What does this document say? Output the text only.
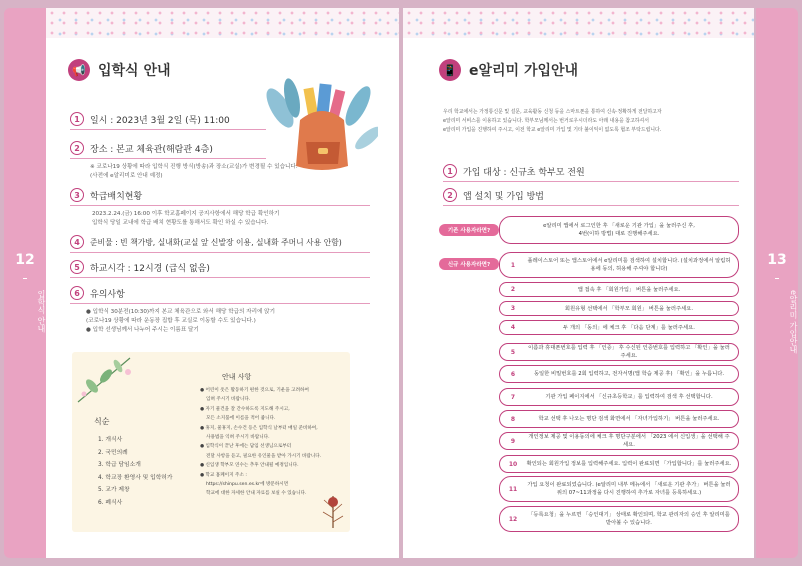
12
입학식 안내
13
e알리미 가입안내
📢 입학식 안내
1	일시 : 2023년 3월 2일 (목) 11:00
2	장소 : 본교 체육관(해람관 4층)
※ 코로나19 상황에 따라 입학식 진행 방식(방송)과 장소(교실)가 변경될 수 있습니다.
(사전에 e알리미로 안내 예정)
3	학급배치현황
2023.2.24.(금) 16:00 이후 학교홈페이지 공지사항에서 해당 학급 확인하기
입학식 당일 교내에 학급 배치 현황도를 통해서도 확인 하실 수 있습니다.
4	준비물 : 빈 책가방, 실내화(교실 앞 신발장 이용, 실내화 주머니 사용 안함)
5	하교시각 : 12시경 (급식 없음)
6	유의사항
● 입학식 30분전(10:30)까지 본교 체육관으로 와서 해당 학급의 자리에 앉기
(코로나19 상황에 따라 운동장 집합 후 교실로 이동할 수도 있습니다.)
● 입학 선생님께서 나누어 주시는 이름표 달기
식순
1. 개식사
2. 국민의례
3. 학급 담임소개
4. 학교장 환영사 및 입학허가
5. 교가 제창
6. 폐식사
안내 사항
● 어린이 옷은 활동하기 편한 것으로, 기운을 고려하여
입혀 주시기 바랍니다.
● 자기 물건을 잘 간수하도록 지도해 주시고,
모든 소지품에 이름을 적어 줍니다.
● 휴지, 물휴지, 손수건 등은 입학식 날부터 매일 준비하여,
사용법을 익혀 주시기 바랍니다.
● 입학식이 끝난 후에는 담임 선생님으로부터
전달 사항을 듣고, 필요한 유인물을 받아 가시기 바랍니다.
● 신입생 학부모 연수는 추후 안내될 예정입니다.
● 학교 홈페이지 주소 :
https://shinpu.sen.es.kr에 방문하시면
학교에 대한 자세한 안내 자료를 보실 수 있습니다.
📱 e알리미 가입안내
우리 학교에서는 가정통신문 및 설문, 교육활동 신청 등을 스마트폰을 통하여 신속·정확하게 전달하고자
e알리미 서비스를 이용하고 있습니다. 학부모님께서는 번거로우시더라도 아래 내용을 참고하셔서
e알리미 가입을 진행하여 주시고, 이전 학교 e알리미 가입 및 기타 불이익이 없도록 협조 부탁드립니다.
1	가입 대상 : 신규초 학부모 전원
2	앱 설치 및 가입 방법
기존 사용자라면?
e알리미 앱에서 로그인한 후 「새로운 기관 가입」을 눌러주신 후,
4번(이하 방법) 대로 진행해주세요.
신규 사용자라면?	1
플레이스토어 또는 앱스토어에서 e알리미를 검색하여 설치합니다. (설치과정에서 알림허용에 동의, 허용해 주셔야 합니다)
2	앱 접속 후 「회원가입」 버튼을 눌러주세요.
3	회원유형 선택에서 「학부모 회원」 버튼을 눌러주세요.
4	두 개의 「동의」에 체크 후 「다음 단계」를 눌러주세요.
5
이름과 휴대폰번호를 입력 후 「인증」 후 수신된 인증번호를 입력하고 「확인」을 눌러주세요.
6	동일한 비밀번호를 2회 입력하고, 전자서명(앱 학습 제공 후) 「확인」을 누릅니다.
7	기관 가입 페이지에서 「신규초등학교」를 입력하여 검색 후 선택합니다.
8	학교 선택 후 나오는 명단 검색 화면에서 「자녀가입하기」 버튼을 눌러주세요.
9
개인정보 제공 및 이용동의에 체크 후 명단구분에서 「2023 에서 신입생」을 선택해 주세요.
10	확인되는 회원가입 정보를 입력해주세요. 입력이 완료되면 「가입합니다」를 눌러주세요.
11
가입 요청이 완료되었습니다. (e알리미 내부 메뉴에서 「새로운 기관 추가」 버튼을 눌러 위의 07~11과정을 다시 진행하여 추가로 자녀를 등록하세요.)
12
「등록요청」을 누르면 「승인대기」 상태로 확인되며, 학교 관리자의 승인 후 알리미를 받아볼 수 있습니다.
